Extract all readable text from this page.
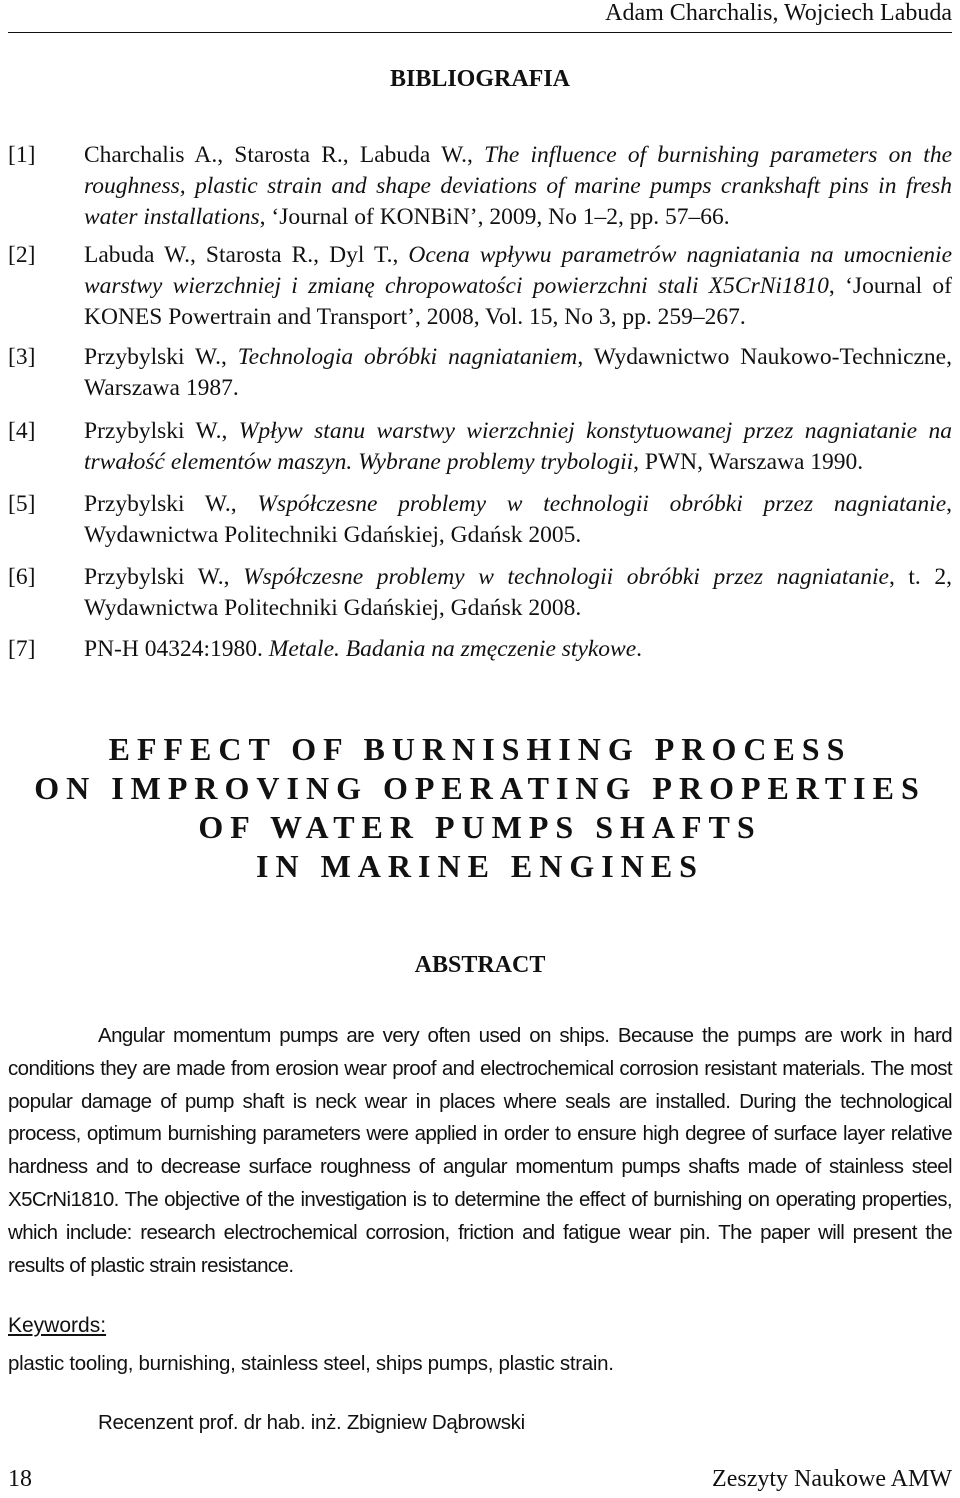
Adam Charchalis, Wojciech Labuda
BIBLIOGRAFIA
[1] Charchalis A., Starosta R., Labuda W., The influence of burnishing parameters on the roughness, plastic strain and shape deviations of marine pumps crankshaft pins in fresh water installations, ‘Journal of KONBiN’, 2009, No 1–2, pp. 57–66.
[2] Labuda W., Starosta R., Dyl T., Ocena wpływu parametrów nagniatania na umocnienie warstwy wierzchniej i zmianę chropowatości powierzchni stali X5CrNi1810, ‘Journal of KONES Powertrain and Transport’, 2008, Vol. 15, No 3, pp. 259–267.
[3] Przybylski W., Technologia obróbki nagniataniem, Wydawnictwo Naukowo-Techniczne, Warszawa 1987.
[4] Przybylski W., Wpływ stanu warstwy wierzchniej konstytuowanej przez nagniatanie na trwałość elementów maszyn. Wybrane problemy trybologii, PWN, Warszawa 1990.
[5] Przybylski W., Współczesne problemy w technologii obróbki przez nagniatanie, Wydawnictwa Politechniki Gdańskiej, Gdańsk 2005.
[6] Przybylski W., Współczesne problemy w technologii obróbki przez nagniatanie, t. 2, Wydawnictwa Politechniki Gdańskiej, Gdańsk 2008.
[7] PN-H 04324:1980. Metale. Badania na zmęczenie stykowe.
EFFECT OF BURNISHING PROCESS
ON IMPROVING OPERATING PROPERTIES
OF WATER PUMPS SHAFTS
IN MARINE ENGINES
ABSTRACT
Angular momentum pumps are very often used on ships. Because the pumps are work in hard conditions they are made from erosion wear proof and electrochemical corrosion resistant materials. The most popular damage of pump shaft is neck wear in places where seals are installed. During the technological process, optimum burnishing parameters were applied in order to ensure high degree of surface layer relative hardness and to decrease surface roughness of angular momentum pumps shafts made of stainless steel X5CrNi1810. The objective of the investigation is to determine the effect of burnishing on operating properties, which include: research electrochemical corrosion, friction and fatigue wear pin. The paper will present the results of plastic strain resistance.
Keywords:
plastic tooling, burnishing, stainless steel, ships pumps, plastic strain.
Recenzent prof. dr hab. inż. Zbigniew Dąbrowski
18	Zeszyty Naukowe AMW
